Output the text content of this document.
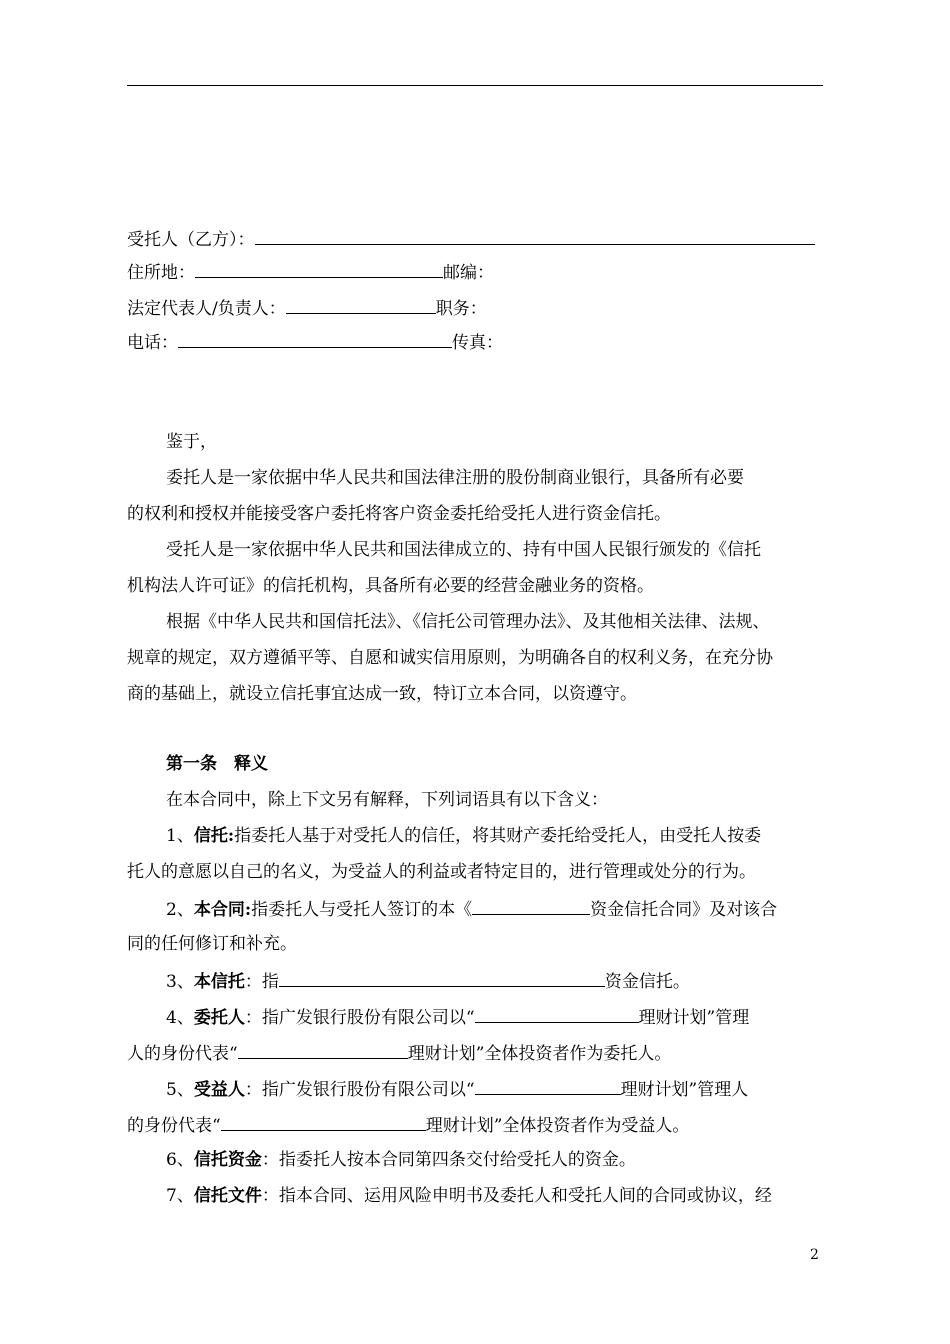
受托人（乙方）：
住所地：	邮编：
法定代表人/负责人：	职务：
电话：	传真：
鉴于，
委托人是一家依据中华人民共和国法律注册的股份制商业银行，具备所有必要
的权利和授权并能接受客户委托将客户资金委托给受托人进行资金信托。
受托人是一家依据中华人民共和国法律成立的、持有中国人民银行颁发的《信托
机构法人许可证》的信托机构，具备所有必要的经营金融业务的资格。
根据《中华人民共和国信托法》、《信托公司管理办法》、及其他相关法律、法规、
规章的规定，双方遵循平等、自愿和诚实信用原则，为明确各自的权利义务，在充分协
商的基础上，就设立信托事宜达成一致，特订立本合同，以资遵守。
第一条　释义
在本合同中，除上下文另有解释，下列词语具有以下含义：
1、信托:指委托人基于对受托人的信任，将其财产委托给受托人，由受托人按委
托人的意愿以自己的名义，为受益人的利益或者特定目的，进行管理或处分的行为。
2、本合同:指委托人与受托人签订的本《	资金信托合同》及对该合
同的任何修订和补充。
3、本信托：指	资金信托。
4、委托人：指广发银行股份有限公司以“	理财计划”管理
人的身份代表“	理财计划”全体投资者作为委托人。
5、受益人：指广发银行股份有限公司以“	理财计划”管理人
的身份代表“	理财计划”全体投资者作为受益人。
6、信托资金：指委托人按本合同第四条交付给受托人的资金。
7、信托文件：指本合同、运用风险申明书及委托人和受托人间的合同或协议，经
2
